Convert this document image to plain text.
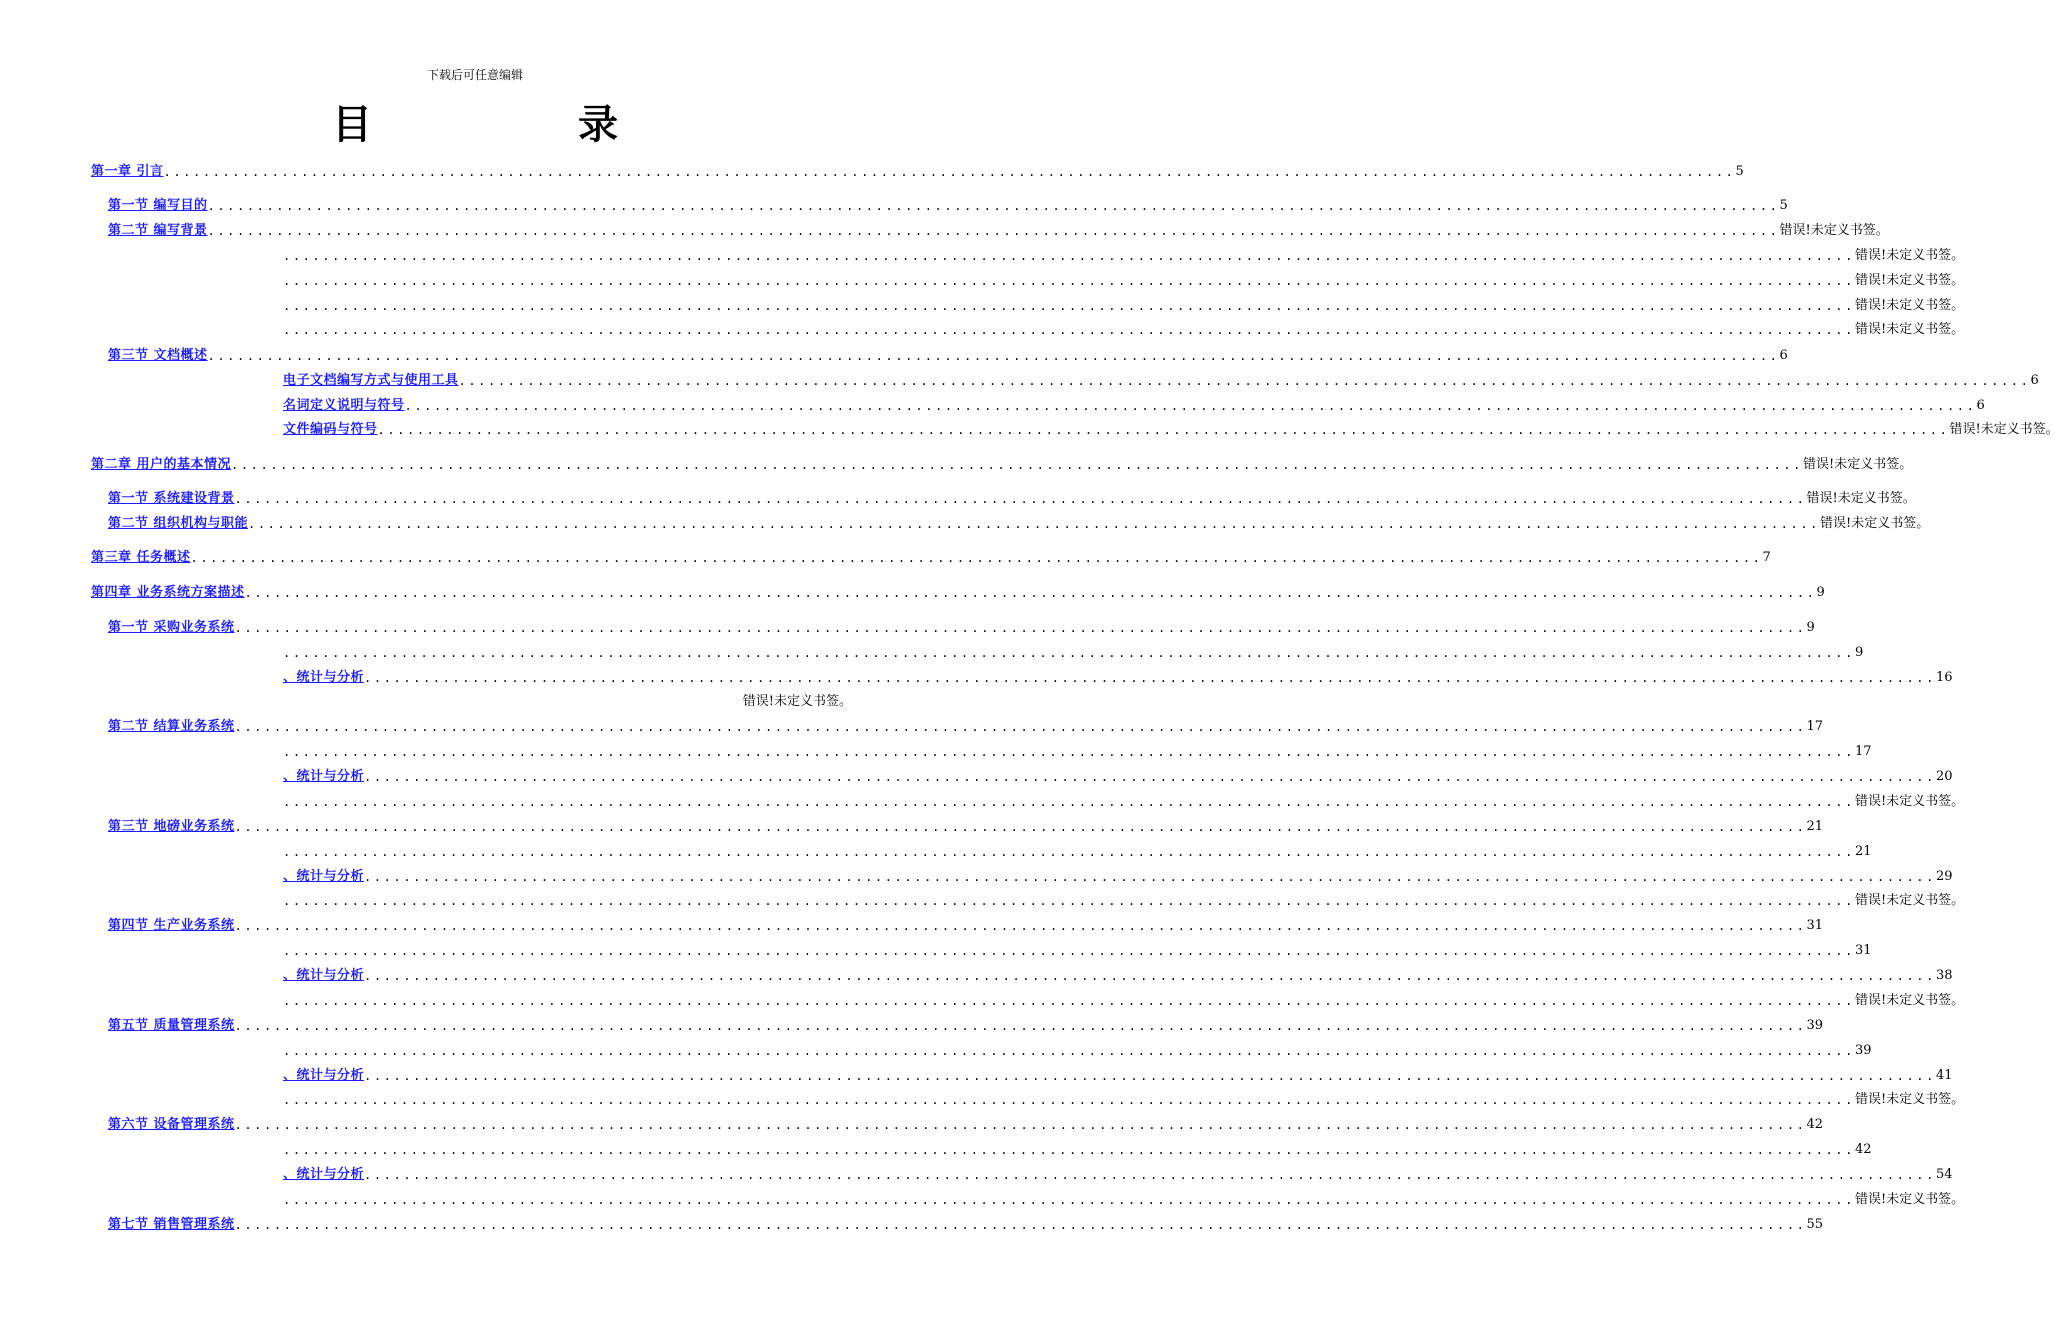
下载后可任意编辑
目	录
第一章 引言 ................................................................................................................................................................ 5
第一节 编写目的 ................................................................................................................................................................ 5
第二节 编写背景 ................................................................................................................................................................ 错误!未定义书签。
................................................................................................................................................................ 错误!未定义书签。
................................................................................................................................................................ 错误!未定义书签。
................................................................................................................................................................ 错误!未定义书签。
................................................................................................................................................................ 错误!未定义书签。
第三节 文档概述 ................................................................................................................................................................ 6
电子文档编写方式与使用工具 ................................................................................................................................................................ 6
名词定义说明与符号 ................................................................................................................................................................ 6
文件编码与符号 ................................................................................................................................................................ 错误!未定义书签。
第二章 用户的基本情况 ................................................................................................................................................................ 错误!未定义书签。
第一节 系统建设背景 ................................................................................................................................................................ 错误!未定义书签。
第二节 组织机构与职能 ................................................................................................................................................................ 错误!未定义书签。
第三章 任务概述 ................................................................................................................................................................ 7
第四章 业务系统方案描述 ................................................................................................................................................................ 9
第一节 采购业务系统 ................................................................................................................................................................ 9
................................................................................................................................................................ 9
、统计与分析 ................................................................................................................................................................ 16
错误!未定义书签。
第二节 结算业务系统 ................................................................................................................................................................ 17
................................................................................................................................................................ 17
、统计与分析 ................................................................................................................................................................ 20
................................................................................................................................................................ 错误!未定义书签。
第三节 地磅业务系统 ................................................................................................................................................................ 21
................................................................................................................................................................ 21
、统计与分析 ................................................................................................................................................................ 29
................................................................................................................................................................ 错误!未定义书签。
第四节 生产业务系统 ................................................................................................................................................................ 31
................................................................................................................................................................ 31
、统计与分析 ................................................................................................................................................................ 38
................................................................................................................................................................ 错误!未定义书签。
第五节 质量管理系统 ................................................................................................................................................................ 39
................................................................................................................................................................ 39
、统计与分析 ................................................................................................................................................................ 41
................................................................................................................................................................ 错误!未定义书签。
第六节 设备管理系统 ................................................................................................................................................................ 42
................................................................................................................................................................ 42
、统计与分析 ................................................................................................................................................................ 54
................................................................................................................................................................ 错误!未定义书签。
第七节 销售管理系统 ................................................................................................................................................................ 55
